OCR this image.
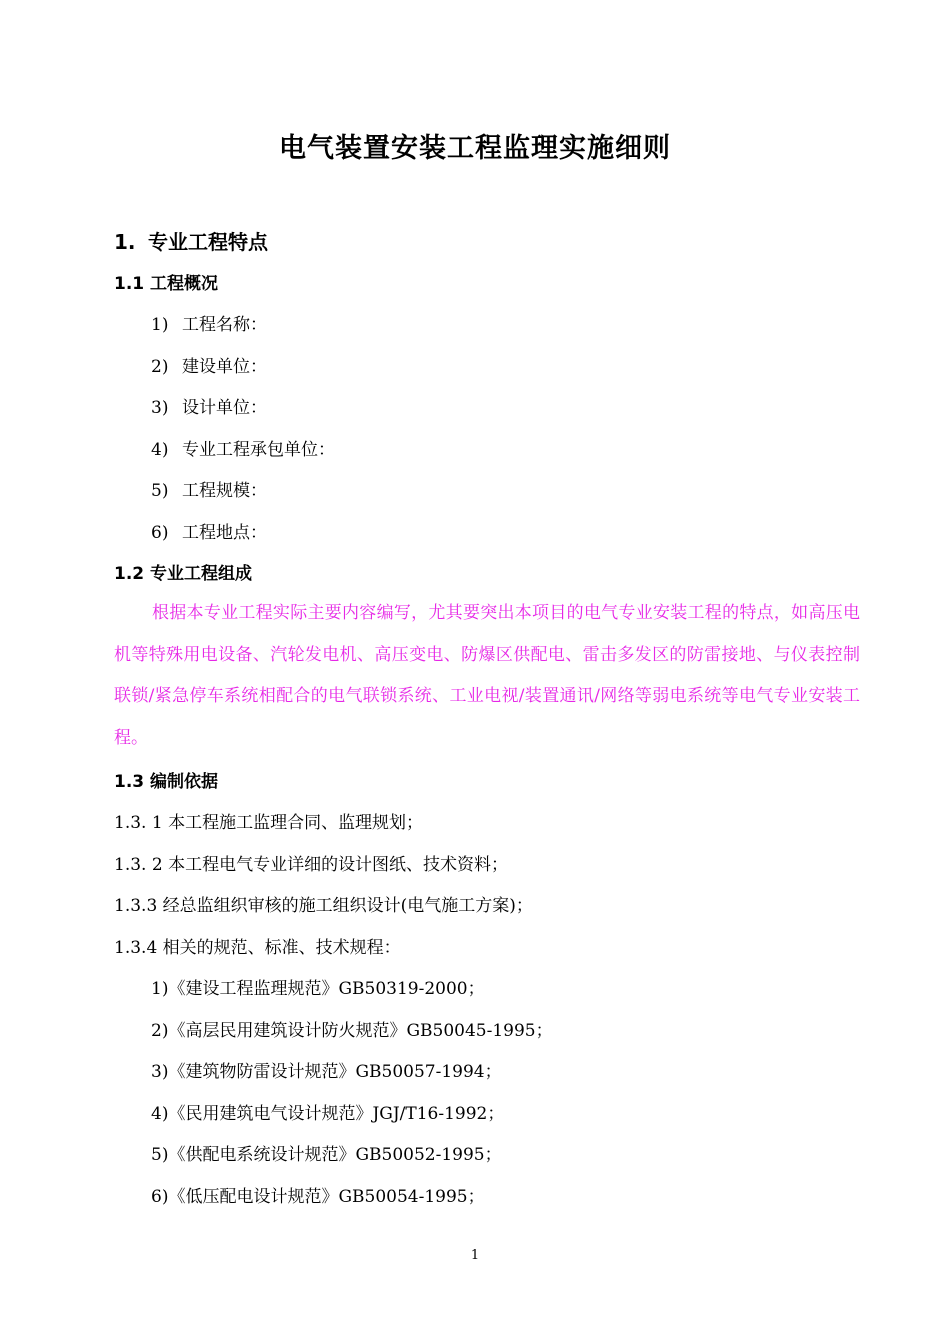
电气装置安装工程监理实施细则
1. 专业工程特点
1.1 工程概况
1) 工程名称：
2) 建设单位：
3) 设计单位：
4) 专业工程承包单位：
5) 工程规模：
6) 工程地点：
1.2 专业工程组成
根据本专业工程实际主要内容编写，尤其要突出本项目的电气专业安装工程的特点，如高压电机等特殊用电设备、汽轮发电机、高压变电、防爆区供配电、雷击多发区的防雷接地、与仪表控制联锁/紧急停车系统相配合的电气联锁系统、工业电视/装置通讯/网络等弱电系统等电气专业安装工程。
1.3 编制依据
1.3. 1 本工程施工监理合同、监理规划；
1.3. 2 本工程电气专业详细的设计图纸、技术资料；
1.3.3 经总监组织审核的施工组织设计(电气施工方案)；
1.3.4 相关的规范、标准、技术规程：
1)《建设工程监理规范》GB50319-2000；
2)《高层民用建筑设计防火规范》GB50045-1995；
3)《建筑物防雷设计规范》GB50057-1994；
4)《民用建筑电气设计规范》JGJ/T16-1992；
5)《供配电系统设计规范》GB50052-1995；
6)《低压配电设计规范》GB50054-1995；
1
